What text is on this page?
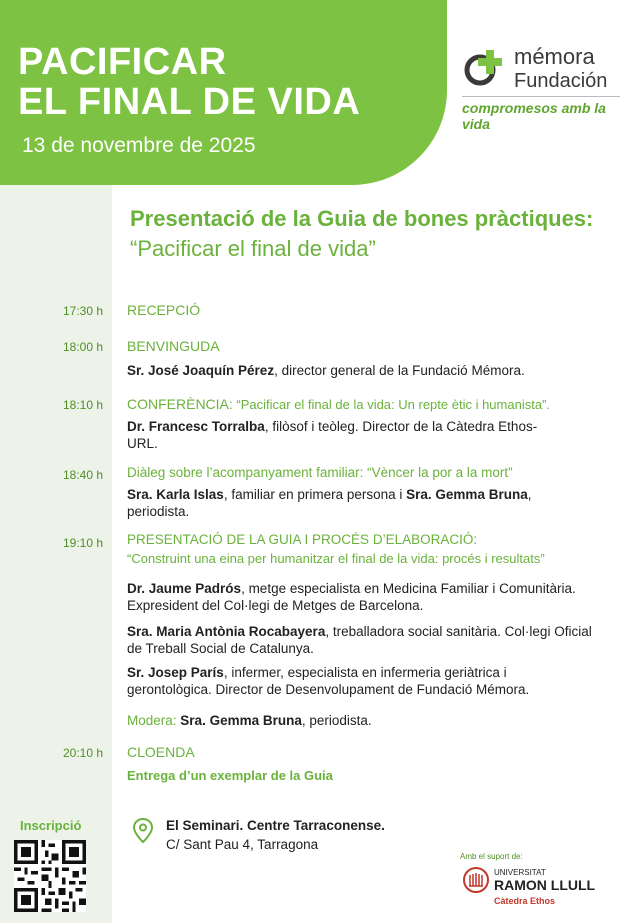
PACIFICAR
EL FINAL DE VIDA
13 de novembre de 2025
mémora
Fundación
compromesos amb la vida
Presentació de la Guia de bones pràctiques: “Pacificar el final de vida”
17:30 h RECEPCIÓ
18:00 h BENVINGUDA
Sr. José Joaquín Pérez, director general de la Fundació Mémora.
18:10 h CONFERÈNCIA: “Pacificar el final de la vida: Un repte ètic i humanista”.
Dr. Francesc Torralba, filòsof i teòleg. Director de la Càtedra Ethos-URL.
18:40 h Diàleg sobre l’acompanyament familiar: “Vèncer la por a la mort”
Sra. Karla Islas, familiar en primera persona i Sra. Gemma Bruna, periodista.
19:10 h PRESENTACIÓ DE LA GUIA I PROCÉS D’ELABORACIÓ:
“Construint una eina per humanitzar el final de la vida: procés i resultats”
Dr. Jaume Padrós, metge especialista en Medicina Familiar i Comunitària. Expresident del Col·legi de Metges de Barcelona.
Sra. Maria Antònia Rocabayera, treballadora social sanitària. Col·legi Oficial de Treball Social de Catalunya.
Sr. Josep París, infermer, especialista en infermeria geriàtrica i gerontològica. Director de Desenvolupament de Fundació Mémora.
Modera: Sra. Gemma Bruna, periodista.
20:10 h CLOENDA
Entrega d’un exemplar de la Guia
Inscripció	El Seminari. Centre Tarraconense.
C/ Sant Pau 4, Tarragona
Amb el suport de:
UNIVERSITAT
RAMON LLULL
Càtedra Ethos
